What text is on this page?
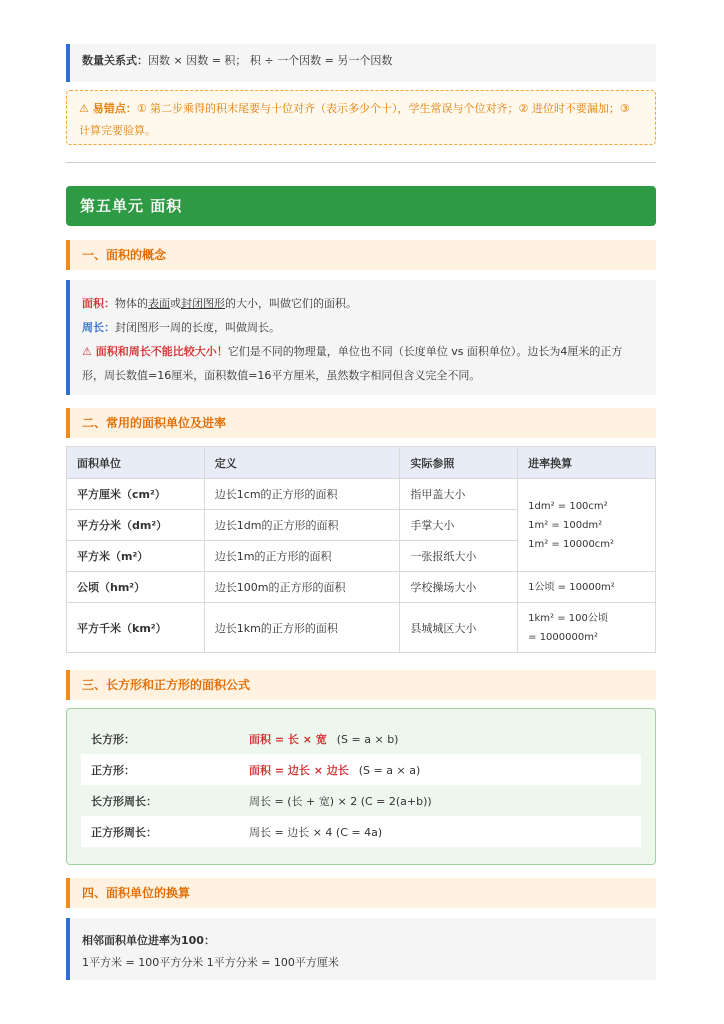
数量关系式：因数 × 因数 = 积； 积 ÷ 一个因数 = 另一个因数
⚠ 易错点：① 第二步乘得的积末尾要与十位对齐（表示多少个十），学生常误与个位对齐；② 进位时不要漏加；③ 计算完要验算。
第五单元 面积
一、面积的概念
面积：物体的表面或封闭图形的大小，叫做它们的面积。
周长：封闭图形一周的长度，叫做周长。
⚠ 面积和周长不能比较大小！它们是不同的物理量，单位也不同（长度单位 vs 面积单位）。边长为4厘米的正方形，周长数值=16厘米，面积数值=16平方厘米，虽然数字相同但含义完全不同。
二、常用的面积单位及进率
面积单位	定义	实际参照	进率换算
平方厘米（cm²）	边长1cm的正方形的面积	指甲盖大小	1dm² = 100cm²
1m² = 100dm²
1m² = 10000cm²

平方分米（dm²）	边长1dm的正方形的面积	手掌大小	
平方米（m²）	边长1m的正方形的面积	一张报纸大小	
公顷（hm²）	边长100m的正方形的面积	学校操场大小	1公顷 = 10000m²
平方千米（km²）	边长1km的正方形的面积	县城城区大小	1km² = 100公顷
= 1000000m²
三、长方形和正方形的面积公式
长方形：	面积 = 长 × 宽 (S = a × b)
正方形：	面积 = 边长 × 边长 (S = a × a)
长方形周长：	周长 = (长 + 宽) × 2 (C = 2(a+b))
正方形周长：	周长 = 边长 × 4 (C = 4a)
四、面积单位的换算
相邻面积单位进率为100：
1平方米 = 100平方分米 1平方分米 = 100平方厘米
